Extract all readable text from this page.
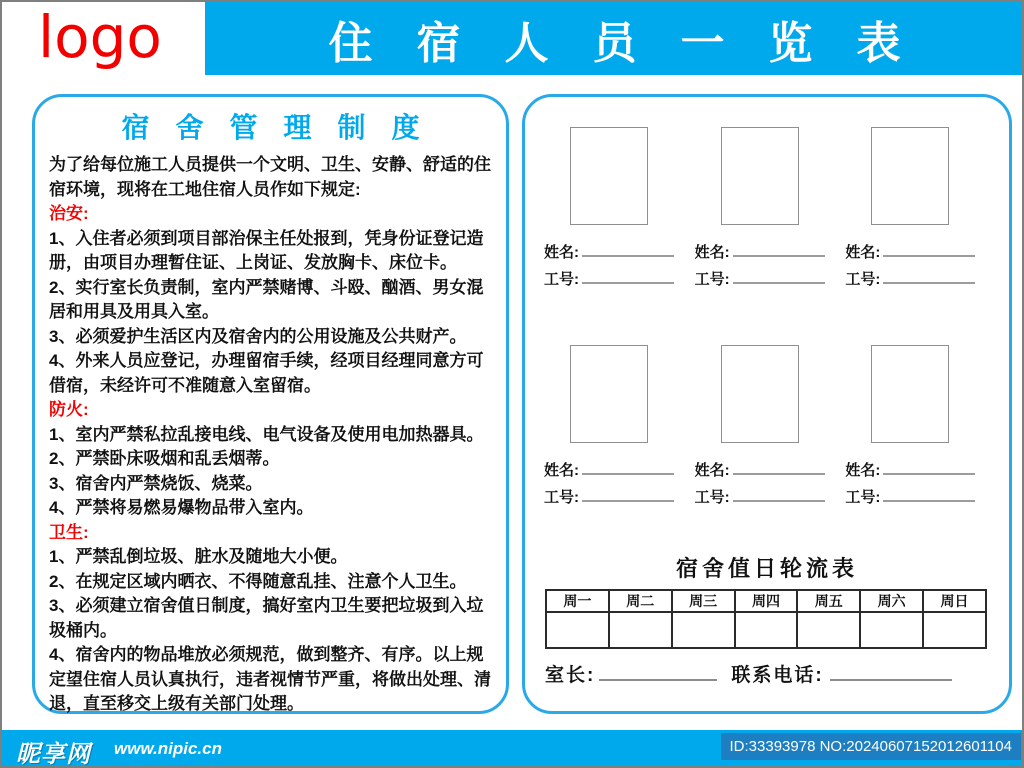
logo	住宿人员一览表
宿舍管理制度

为了给每位施工人员提供一个文明、卫生、安静、舒适的住宿环境，现将在工地住宿人员作如下规定:

治安:

1、入住者必须到项目部治保主任处报到，凭身份证登记造册，由项目办理暂住证、上岗证、发放胸卡、床位卡。

2、实行室长负责制，室内严禁赌博、斗殴、酗酒、男女混居和用具及用具入室。

3、必须爱护生活区内及宿舍内的公用设施及公共财产。

4、外来人员应登记，办理留宿手续，经项目经理同意方可借宿，未经许可不准随意入室留宿。

防火:

1、室内严禁私拉乱接电线、电气设备及使用电加热器具。

2、严禁卧床吸烟和乱丢烟蒂。

3、宿舍内严禁烧饭、烧菜。

4、严禁将易燃易爆物品带入室内。

卫生:

1、严禁乱倒垃圾、脏水及随地大小便。

2、在规定区域内晒衣、不得随意乱挂、注意个人卫生。

3、必须建立宿舍值日制度，搞好室内卫生要把垃圾到入垃圾桶内。

4、宿舍内的物品堆放必须规范，做到整齐、有序。以上规定望住宿人员认真执行，违者视情节严重，将做出处理、清退，直至移交上级有关部门处理。

姓名:
工号:
姓名:
工号:
姓名:
工号:
姓名:
工号:
姓名:
工号:
姓名:
工号:
宿舍值日轮流表
周一	周二	周三	周四	周五	周六	周日

室长:	联系电话:
昵享网 www.nipic.cn	ID:33393978 NO:20240607152012601104
